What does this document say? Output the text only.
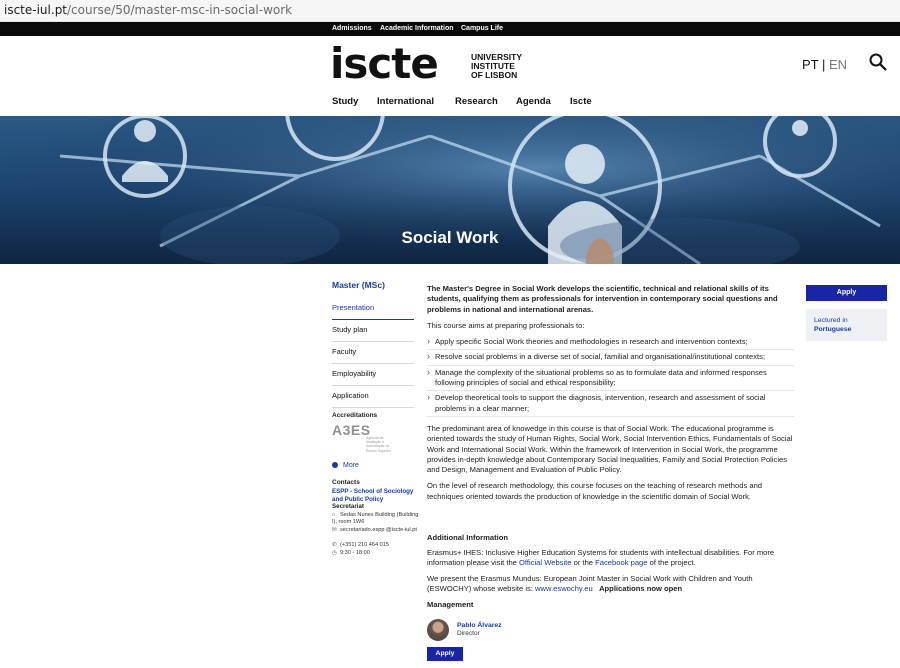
iscte-iul.pt/course/50/master-msc-in-social-work
Admissions Academic Information Campus Life
iscte	UNIVERSITY
INSTITUTE
OF LISBON
PT | EN
Study International Research Agenda Iscte
Social Work
Master (MSc)
Presentation
Study plan
Faculty
Employability
Application
Accreditations
A3ES
Agência de Avaliação e Acreditação do Ensino Superior
More
Contacts
ESPP - School of Sociology and Public Policy
Secretariat
⌂ Sedas Nunes Building (Building I), room 1W6
✉ secretariado.espp @iscte-iul.pt
✆ (+351) 210 464 015
◷ 9:30 - 18:00

The Master's Degree in Social Work develops the scientific, technical and relational skills of its students, qualifying them as professionals for intervention in contemporary social questions and problems in national and international arenas.

This course aims at preparing professionals to:

› Apply specific Social Work theories and methodologies in research and intervention contexts;
› Resolve social problems in a diverse set of social, familial and organisational/institutional contexts;
› Manage the complexity of the situational problems so as to formulate data and informed responses following principles of social and ethical responsibility;
› Develop theoretical tools to support the diagnosis, intervention, research and assessment of social problems in a clear manner;

The predominant area of knowedge in this course is that of Social Work. The educational programme is oriented towards the study of Human Rights, Social Work, Social Intervention Ethics, Fundamentals of Social Work and International Social Work. Within the framework of Intervention in Social Work, the programme provides in-depth knowledge about Contemporary Social Inequalities, Family and Social Protection Policies and Design, Management and Evaluation of Public Policy.

On the level of research methodology, this course focuses on the teaching of research methods and techniques oriented towards the production of knowledge in the scientific domain of Social Work.

Additional Information
Erasmus+ IHES: Inclusive Higher Education Systems for students with intellectual disabilities. For more information please visit the Official Website or the Facebook page of the project.
We present the Erasmus Mundus: European Joint Master in Social Work with Children and Youth (ESWOCHY) whose website is: www.eswochy.eu Applications now open
Management
Pablo Álvarez
Director
Apply
Apply
Lectured in
Portuguese
